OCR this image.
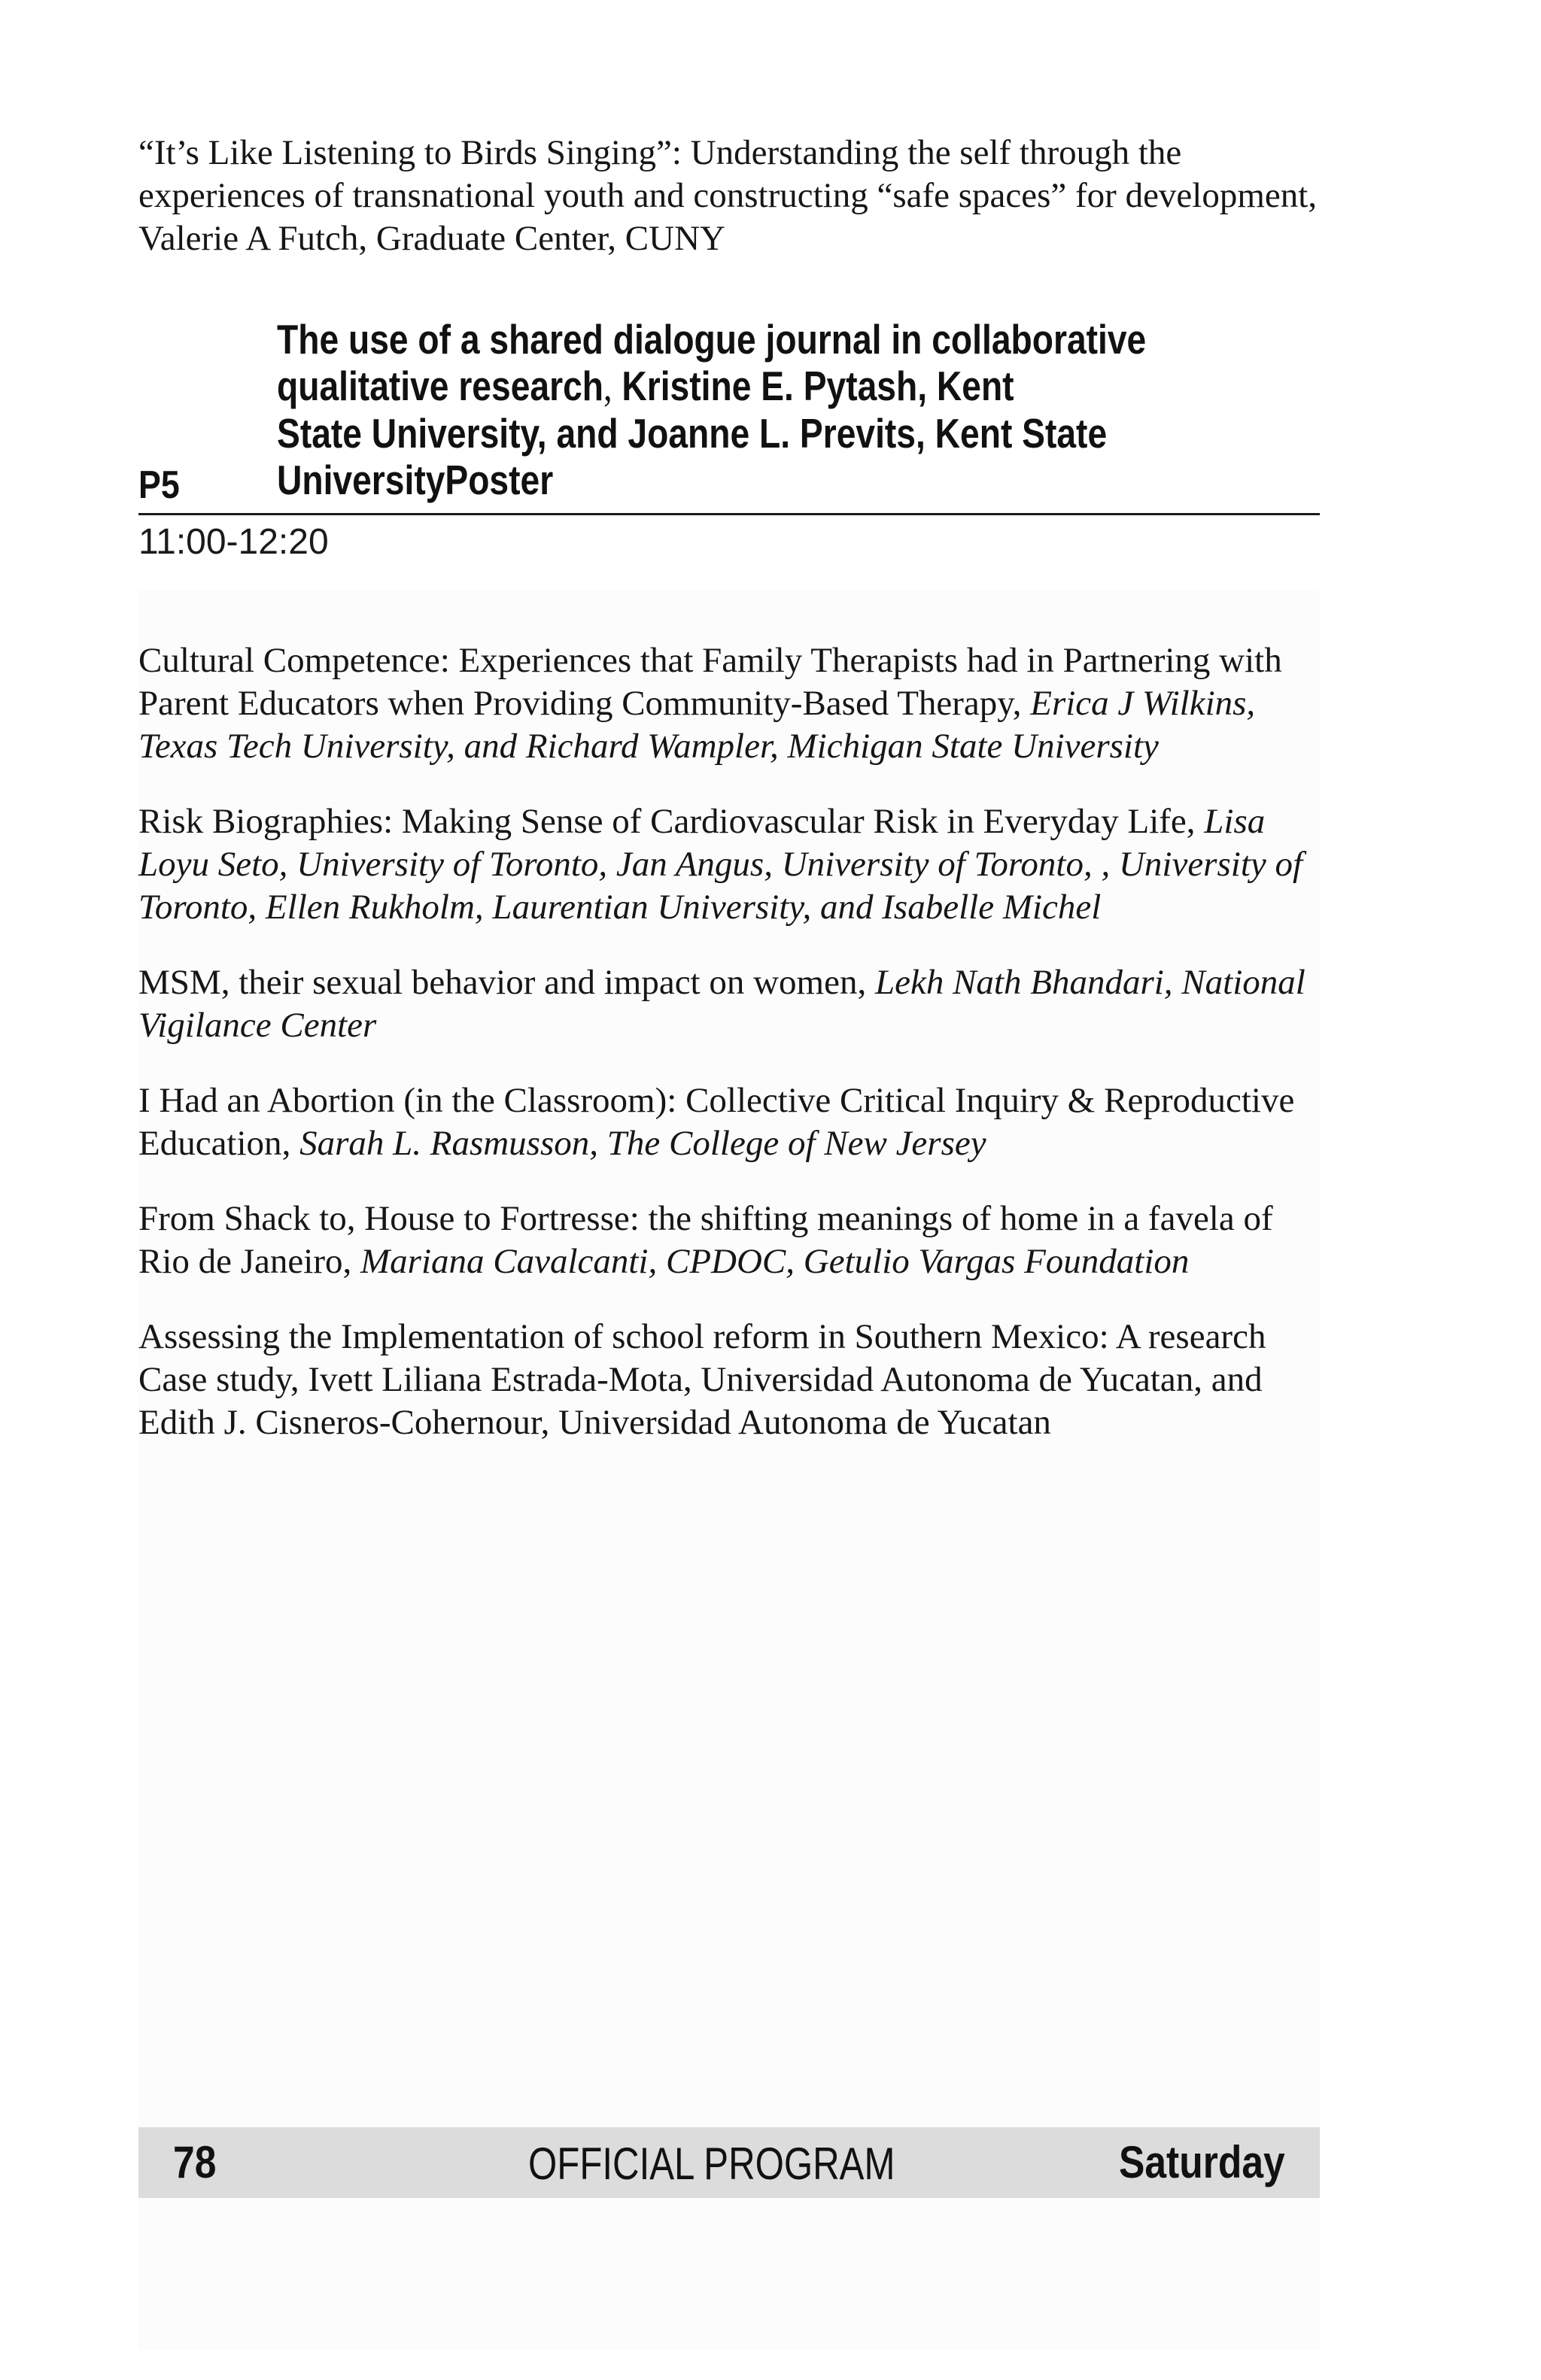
“It’s Like Listening to Birds Singing”: Understanding the self through the experiences of transnational youth and constructing “safe spaces” for development, Valerie A Futch, Graduate Center, CUNY

The use of a shared dialogue journal in collaborative
qualitative research, Kristine E. Pytash, Kent
State University, and Joanne L. Previts, Kent State
UniversityPoster
P5
11:00-12:20

Cultural Competence: Experiences that Family Therapists had in Partnering with Parent Educators when Providing Community-Based Therapy, Erica J Wilkins, Texas Tech University, and Richard Wampler, Michigan State University

Risk Biographies: Making Sense of Cardiovascular Risk in Everyday Life, Lisa Loyu Seto, University of Toronto, Jan Angus, University of Toronto, , University of Toronto, Ellen Rukholm, Laurentian University, and Isabelle Michel

MSM, their sexual behavior and impact on women, Lekh Nath Bhandari, National Vigilance Center

I Had an Abortion (in the Classroom): Collective Critical Inquiry & Reproductive Education, Sarah L. Rasmusson, The College of New Jersey

From Shack to, House to Fortresse: the shifting meanings of home in a favela of Rio de Janeiro, Mariana Cavalcanti, CPDOC, Getulio Vargas Foundation

Assessing the Implementation of school reform in Southern Mexico: A research Case study, Ivett Liliana Estrada-Mota, Universidad Autonoma de Yucatan, and Edith J. Cisneros-Cohernour, Universidad Autonoma de Yucatan

78	OFFICIAL PROGRAM	Saturday
